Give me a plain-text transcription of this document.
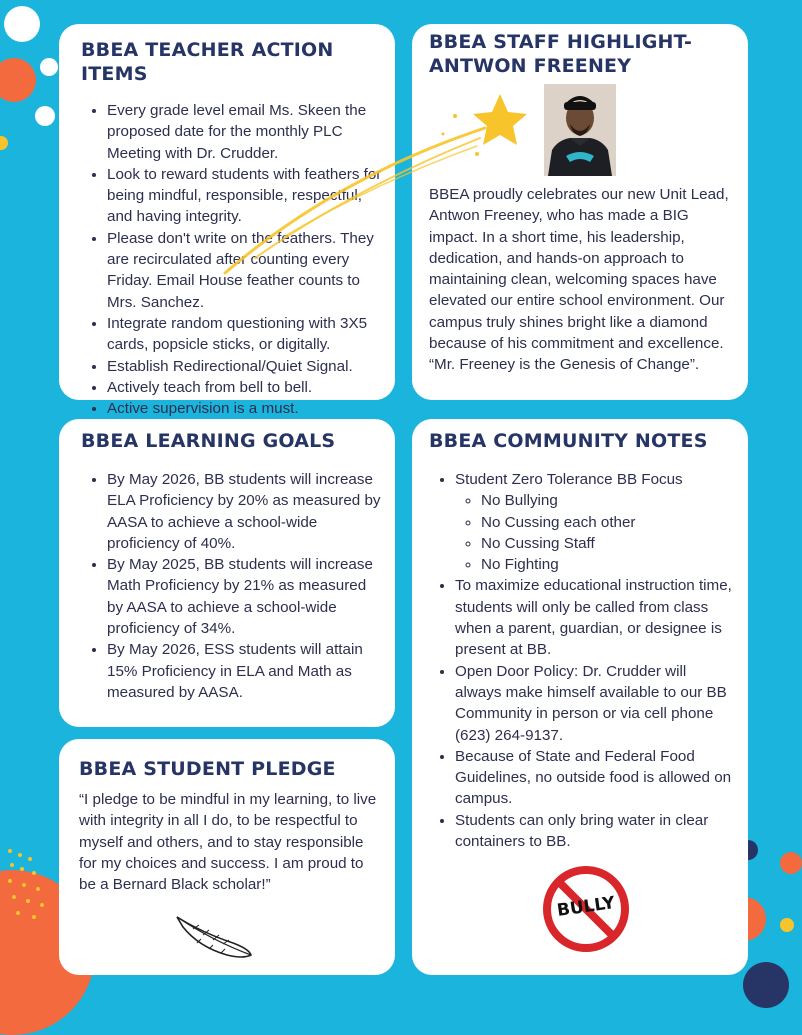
BBEA TEACHER ACTION ITEMS
• Every grade level email Ms. Skeen the proposed date for the monthly PLC Meeting with Dr. Crudder.
• Look to reward students with feathers for being mindful, responsible, respectful, and having integrity.
• Please don't write on the feathers. They are recirculated after counting every Friday. Email House feather counts to Mrs. Sanchez.
• Integrate random questioning with 3X5 cards, popsicle sticks, or digitally.
• Establish Redirectional/Quiet Signal.
• Actively teach from bell to bell.
• Active supervision is a must.
BBEA STAFF HIGHLIGHT-
ANTWON FREENEY

BBEA proudly celebrates our new Unit Lead, Antwon Freeney, who has made a BIG impact. In a short time, his leadership, dedication, and hands-on approach to maintaining clean, welcoming spaces have elevated our entire school environment. Our campus truly shines bright like a diamond because of his commitment and excellence. “Mr. Freeney is the Genesis of Change”.

BBEA LEARNING GOALS
• By May 2026, BB students will increase ELA Proficiency by 20% as measured by AASA to achieve a school-wide proficiency of 40%.
• By May 2025, BB students will increase Math Proficiency by 21% as measured by AASA to achieve a school-wide proficiency of 34%.
• By May 2026, ESS students will attain 15% Proficiency in ELA and Math as measured by AASA.
BBEA STUDENT PLEDGE

“I pledge to be mindful in my learning, to live with integrity in all I do, to be respectful to myself and others, and to stay responsible for my choices and success. I am proud to be a Bernard Black scholar!”

BBEA COMMUNITY NOTES
• Student Zero Tolerance BB Focus
◦ No Bullying
◦ No Cussing each other
◦ No Cussing Staff
◦ No Fighting
• To maximize educational instruction time, students will only be called from class when a parent, guardian, or designee is present at BB.
• Open Door Policy: Dr. Crudder will always make himself available to our BB Community in person or via cell phone (623) 264-9137.
• Because of State and Federal Food Guidelines, no outside food is allowed on campus.
• Students can only bring water in clear containers to BB.
BULLY
